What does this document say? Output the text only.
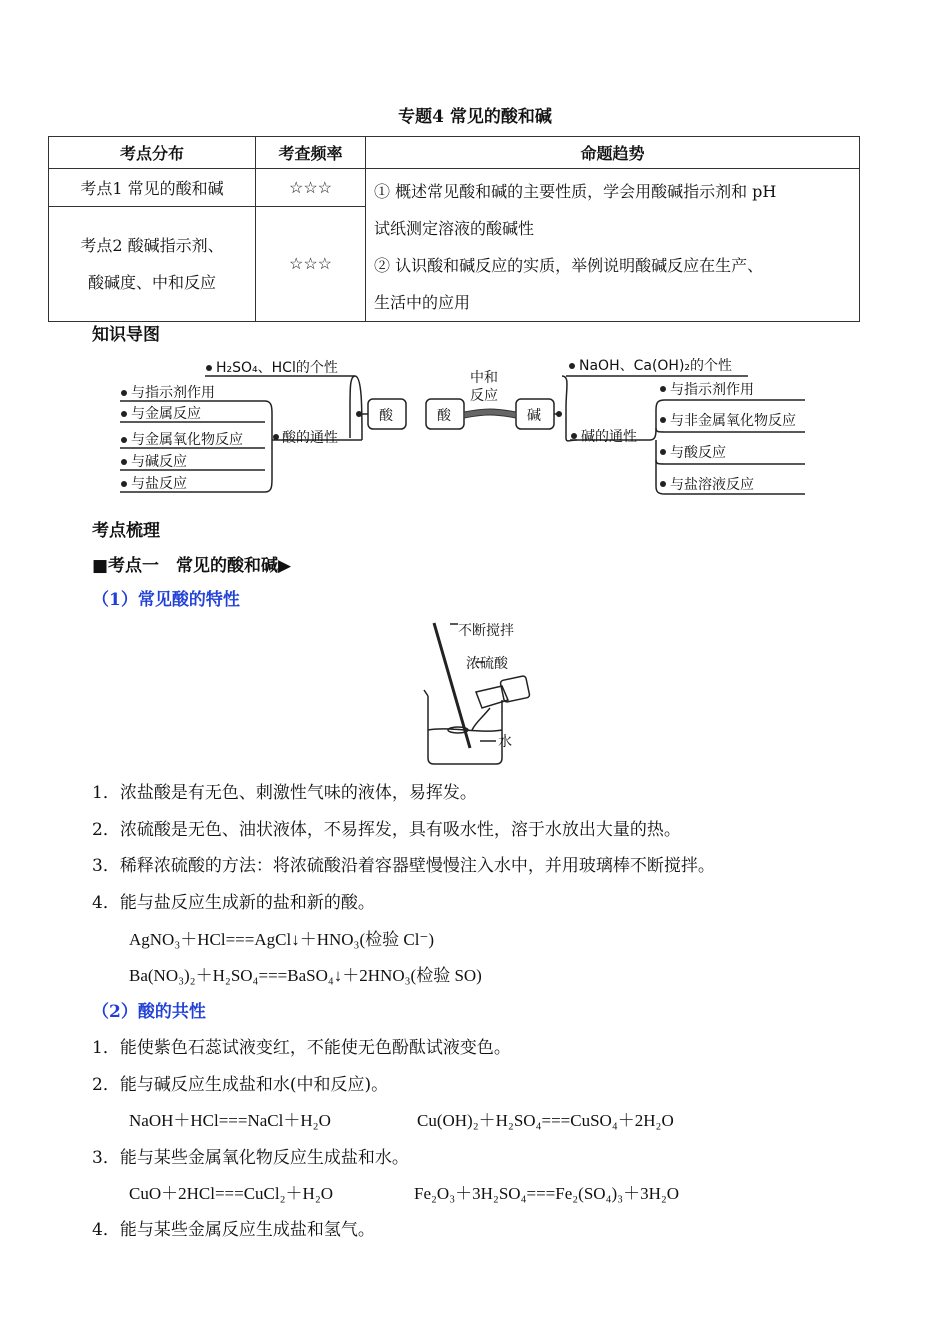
专题4 常见的酸和碱
考点分布	考查频率	命题趋势
考点1 常见的酸和碱	☆☆☆	① 概述常见酸和碱的主要性质，学会用酸碱指示剂和 pH
试纸测定溶液的酸碱性
② 认识酸和碱反应的实质，举例说明酸碱反应在生产、
生活中的应用

考点2 酸碱指示剂、
酸碱度、中和反应	☆☆☆	
知识导图
H₂SO₄、HCl的个性
与指示剂作用
与金属反应
与金属氧化物反应
与碱反应
与盐反应
酸的通性
酸	酸
中和
反应
碱
NaOH、Ca(OH)₂的个性
碱的通性
与指示剂作用
与非金属氧化物反应
与酸反应
与盐溶液反应
考点梳理
■考点一　常见的酸和碱▶
（1）常见酸的特性
不断搅拌
浓硫酸
水
1．浓盐酸是有无色、刺激性气味的液体，易挥发。
2．浓硫酸是无色、油状液体，不易挥发，具有吸水性，溶于水放出大量的热。
3．稀释浓硫酸的方法：将浓硫酸沿着容器壁慢慢注入水中，并用玻璃棒不断搅拌。
4．能与盐反应生成新的盐和新的酸。
AgNO₃＋HCl===AgCl↓＋HNO₃(检验 Cl⁻)
Ba(NO₃)₂＋H₂SO₄===BaSO₄↓＋2HNO₃(检验 SO)
（2）酸的共性
1．能使紫色石蕊试液变红，不能使无色酚酞试液变色。
2．能与碱反应生成盐和水(中和反应)。
NaOH＋HCl===NaCl＋H₂O	Cu(OH)₂＋H₂SO₄===CuSO₄＋2H₂O
3．能与某些金属氧化物反应生成盐和水。
CuO＋2HCl===CuCl₂＋H₂O	Fe₂O₃＋3H₂SO₄===Fe₂(SO₄)₃＋3H₂O
4．能与某些金属反应生成盐和氢气。
